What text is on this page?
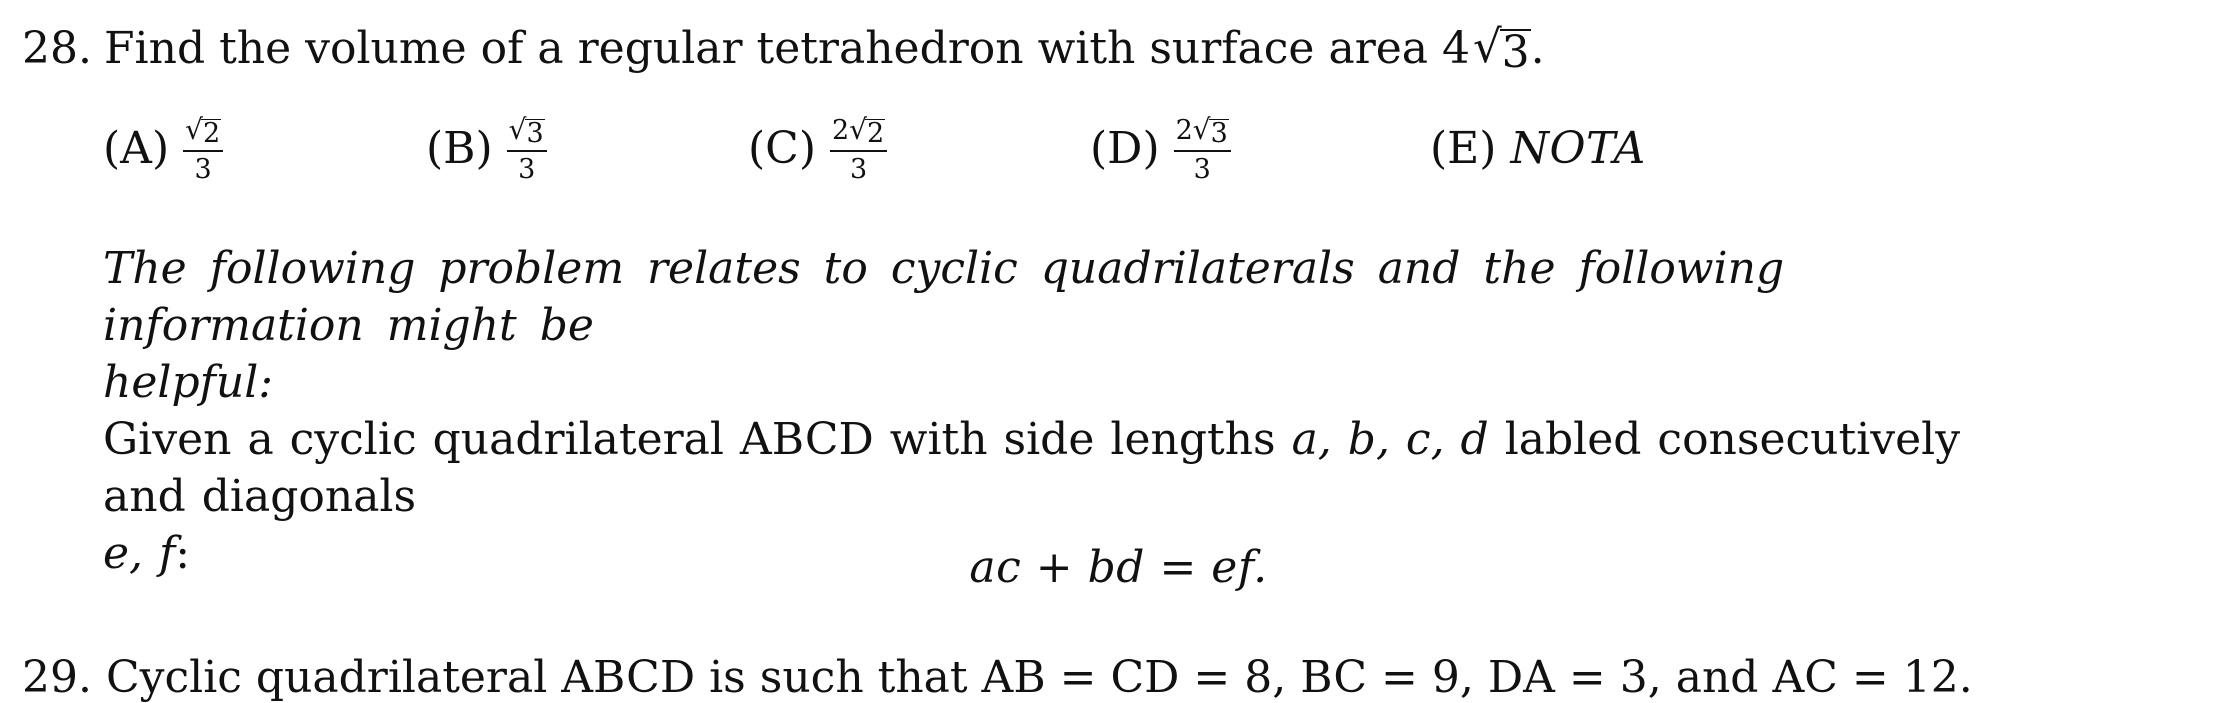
28. Find the volume of a regular tetrahedron with surface area 4 √ 3 .
$(A) \frac{√ 2}{3}$	$(B) \frac{√ 3}{3}$	$(C) \frac{2 √ 2}{3}$	$(D) \frac{2 √ 3}{3}$	(E) NOTA

The following problem relates to cyclic quadrilaterals and the following information might be
helpful:

Given a cyclic quadrilateral ABCD with side lengths a, b, c, d labled consecutively and diagonals
e, f:	ac + bd = ef.
29. Cyclic quadrilateral ABCD is such that AB = CD = 8, BC = 9, DA = 3, and AC = 12.
